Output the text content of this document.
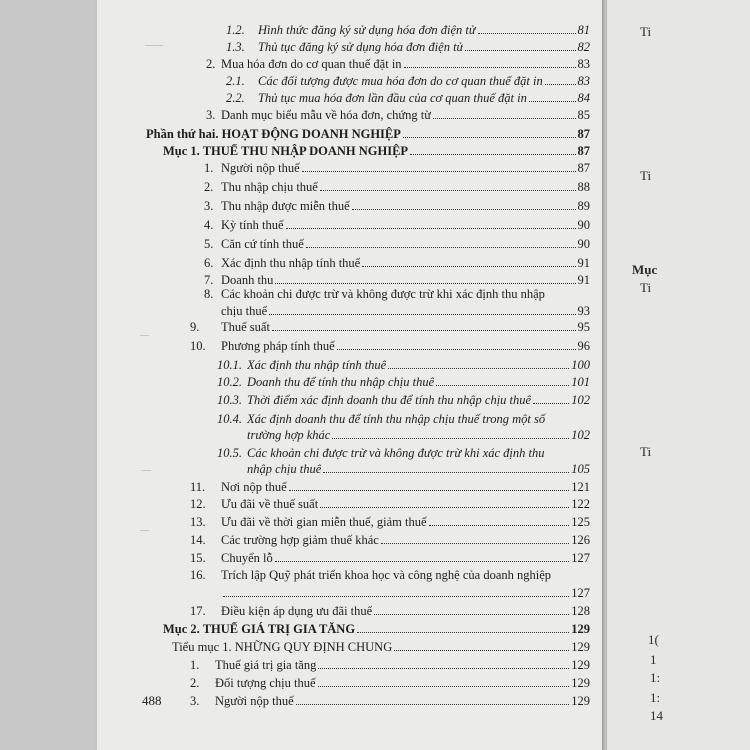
——
—
—
—
1.2.	Hình thức đăng ký sử dụng hóa đơn điện tử	81
1.3.	Thủ tục đăng ký sử dụng hóa đơn điện tử	82
2. Mua hóa đơn do cơ quan thuế đặt in	83
2.1.	Các đối tượng được mua hóa đơn do cơ quan thuế đặt in	83
2.2.	Thủ tục mua hóa đơn lần đầu của cơ quan thuế đặt in	84
3. Danh mục biểu mẫu về hóa đơn, chứng từ	85
Phần thứ hai. HOẠT ĐỘNG DOANH NGHIỆP	87
Mục 1. THUẾ THU NHẬP DOANH NGHIỆP	87
1. Người nộp thuế	87
2. Thu nhập chịu thuế	88
3. Thu nhập được miễn thuế	89
4. Kỳ tính thuế	90
5. Căn cứ tính thuế	90
6. Xác định thu nhập tính thuế	91
7. Doanh thu	91
8. Các khoản chi được trừ và không được trừ khi xác định thu nhập
chịu thuế	93
9.	Thuế suất	95
10.	Phương pháp tính thuế	96
10.1. Xác định thu nhập tính thuế	100
10.2. Doanh thu để tính thu nhập chịu thuế	101
10.3. Thời điểm xác định doanh thu để tính thu nhập chịu thuế	102
10.4. Xác định doanh thu để tính thu nhập chịu thuế trong một số
trường hợp khác	102
10.5. Các khoản chi được trừ và không được trừ khi xác định thu
nhập chịu thuế	105
11.	Nơi nộp thuế	121
12.	Ưu đãi về thuế suất	122
13.	Ưu đãi về thời gian miễn thuế, giảm thuế	125
14.	Các trường hợp giảm thuế khác	126
15.	Chuyển lỗ	127
16. Trích lập Quỹ phát triển khoa học và công nghệ của doanh nghiệp
127
17.	Điều kiện áp dụng ưu đãi thuế	128
Mục 2. THUẾ GIÁ TRỊ GIA TĂNG	129
Tiểu mục 1. NHỮNG QUY ĐỊNH CHUNG	129
1.	Thuế giá trị gia tăng	129
2.	Đối tượng chịu thuế	129
3.	Người nộp thuế	129
488
Ti
Ti
Mục
Ti
Ti
1(
1
1:
1:
14
